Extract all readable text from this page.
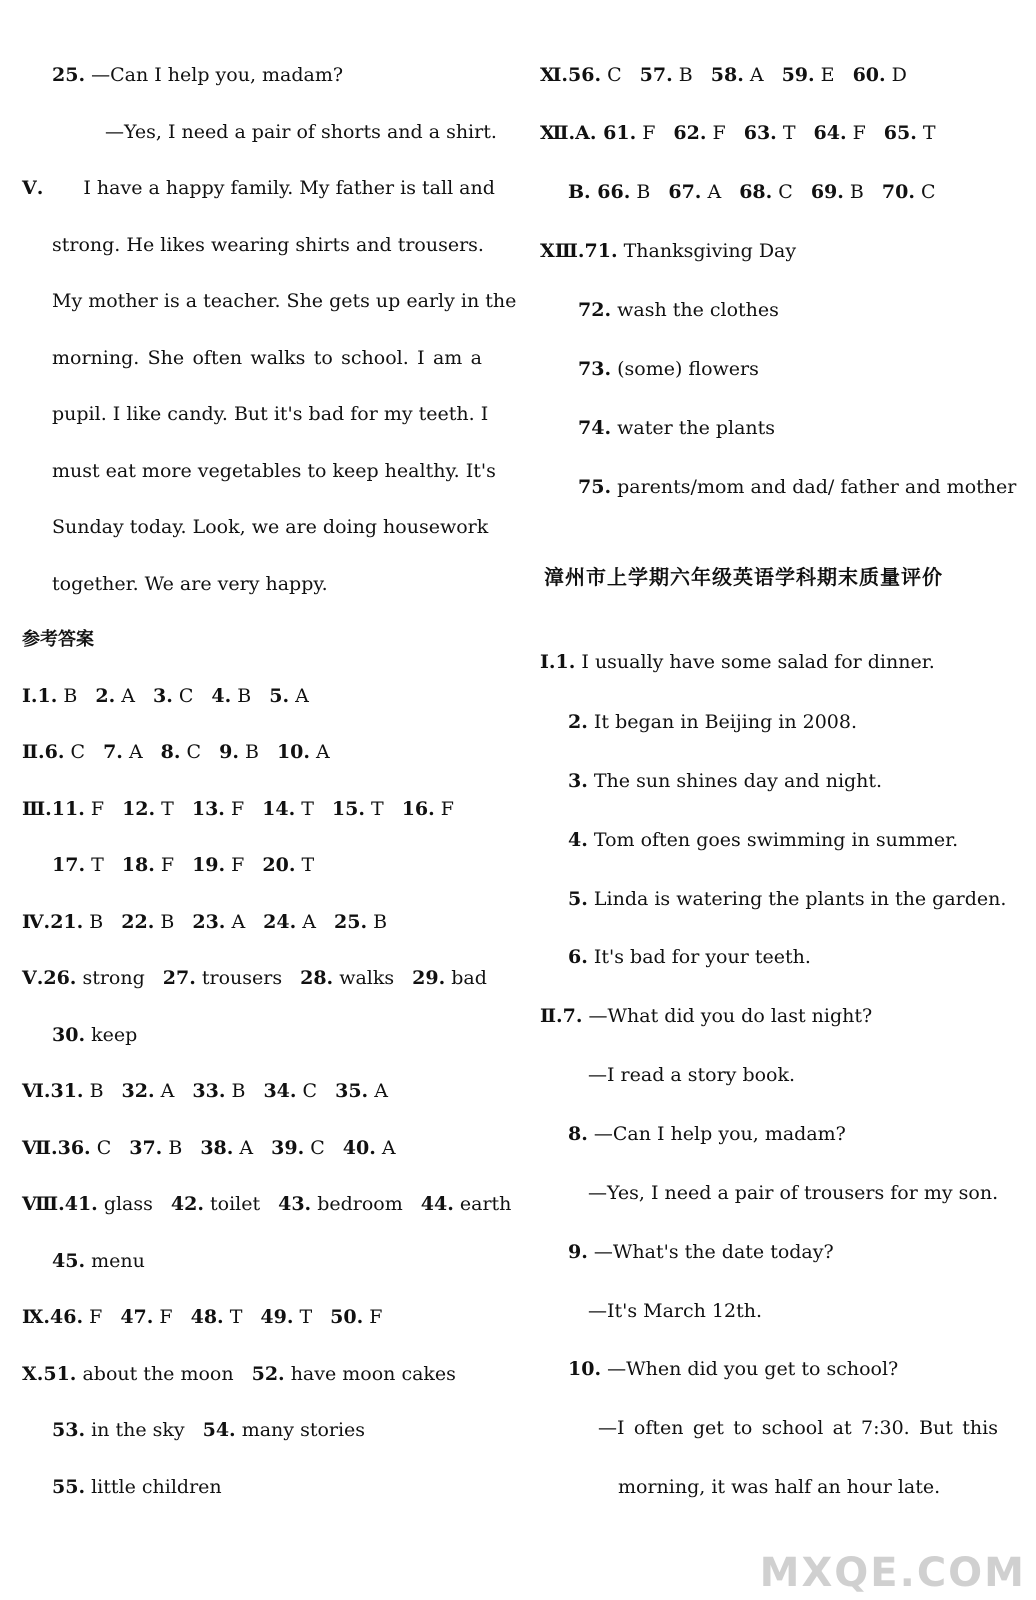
25. —Can I help you, madam?
—Yes, I need a pair of shorts and a shirt.
Ⅴ. I have a happy family. My father is tall and
strong. He likes wearing shirts and trousers.
My mother is a teacher. She gets up early in the
morning. She often walks to school. I am a
pupil. I like candy. But it's bad for my teeth. I
must eat more vegetables to keep healthy. It's
Sunday today. Look, we are doing housework
together. We are very happy.
参考答案
Ⅰ.1. B 2. A 3. C 4. B 5. A
Ⅱ.6. C 7. A 8. C 9. B 10. A
Ⅲ.11. F 12. T 13. F 14. T 15. T 16. F
17. T 18. F 19. F 20. T
Ⅳ.21. B 22. B 23. A 24. A 25. B
Ⅴ.26. strong 27. trousers 28. walks 29. bad
30. keep
Ⅵ.31. B 32. A 33. B 34. C 35. A
Ⅶ.36. C 37. B 38. A 39. C 40. A
Ⅷ.41. glass 42. toilet 43. bedroom 44. earth
45. menu
Ⅸ.46. F 47. F 48. T 49. T 50. F
Ⅹ.51. about the moon 52. have moon cakes
53. in the sky 54. many stories
55. little children
Ⅺ.56. C 57. B 58. A 59. E 60. D
Ⅻ.A. 61. F 62. F 63. T 64. F 65. T
B. 66. B 67. A 68. C 69. B 70. C
XⅢ.71. Thanksgiving Day
72. wash the clothes
73. (some) flowers
74. water the plants
75. parents/mom and dad/ father and mother
漳州市上学期六年级英语学科期末质量评价
Ⅰ.1. I usually have some salad for dinner.
2. It began in Beijing in 2008.
3. The sun shines day and night.
4. Tom often goes swimming in summer.
5. Linda is watering the plants in the garden.
6. It's bad for your teeth.
Ⅱ.7. —What did you do last night?
—I read a story book.
8. —Can I help you, madam?
—Yes, I need a pair of trousers for my son.
9. —What's the date today?
—It's March 12th.
10. —When did you get to school?
—I often get to school at 7:30. But this
morning, it was half an hour late.
MXQE.COM
